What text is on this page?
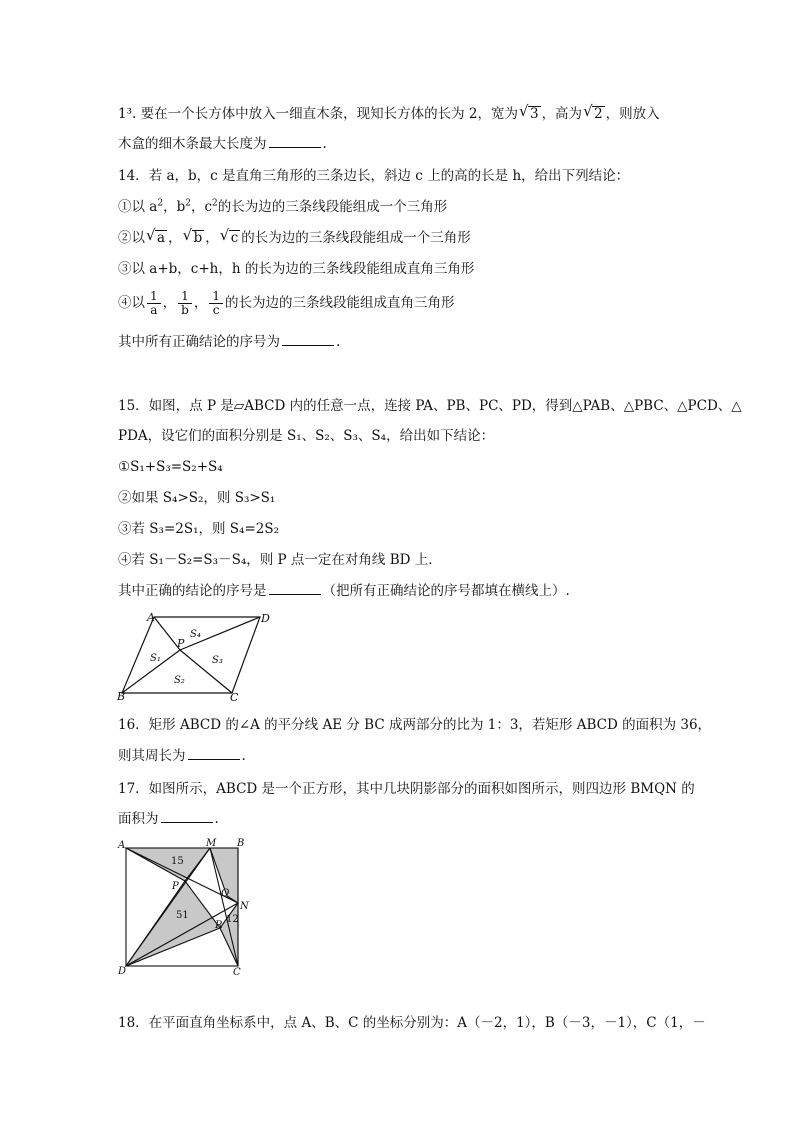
1³. 要在一个长方体中放入一细直木条，现知长方体的长为 2，宽为 √ 3 ，高为 √ 2 ，则放入
木盒的细木条最大长度为	.
14．若 a，b，c 是直角三角形的三条边长，斜边 c 上的高的长是 h，给出下列结论：
①以 $a^2$，$b^2$，$c^2$的长为边的三条线段能组成一个三角形
②以 √ a ， √ b ， √ c 的长为边的三条线段能组成一个三角形
③以 a+b，c+h，h 的长为边的三条线段能组成直角三角形
④以 $\frac{1}{a}$ ， $\frac{1}{b}$ ， $\frac{1}{c}$ 的长为边的三条线段能组成直角三角形
其中所有正确结论的序号为	.
15．如图，点 P 是▱ABCD 内的任意一点，连接 PA、PB、PC、PD，得到△PAB、△PBC、△PCD、△
PDA，设它们的面积分别是 S₁、S₂、S₃、S₄，给出如下结论：
①S₁+S₃=S₂+S₄
②如果 S₄>S₂，则 S₃>S₁
③若 S₃=2S₁，则 S₄=2S₂
④若 S₁－S₂=S₃－S₄，则 P 点一定在对角线 BD 上．
其中正确的结论的序号是	（把所有正确结论的序号都填在横线上）.
A	D
B	C
P
S₄
S₁	S₃
S₂
16．矩形 ABCD 的∠A 的平分线 AE 分 BC 成两部分的比为 1：3，若矩形 ABCD 的面积为 36，
则其周长为	.
17．如图所示，ABCD 是一个正方形，其中几块阴影部分的面积如图所示，则四边形 BMQN 的
面积为	.
A	M B
P
Q
N
R
D	C
15
51	12
18．在平面直角坐标系中，点 A、B、C 的坐标分别为：A（－2，1），B（－3，－1），C（1，－
